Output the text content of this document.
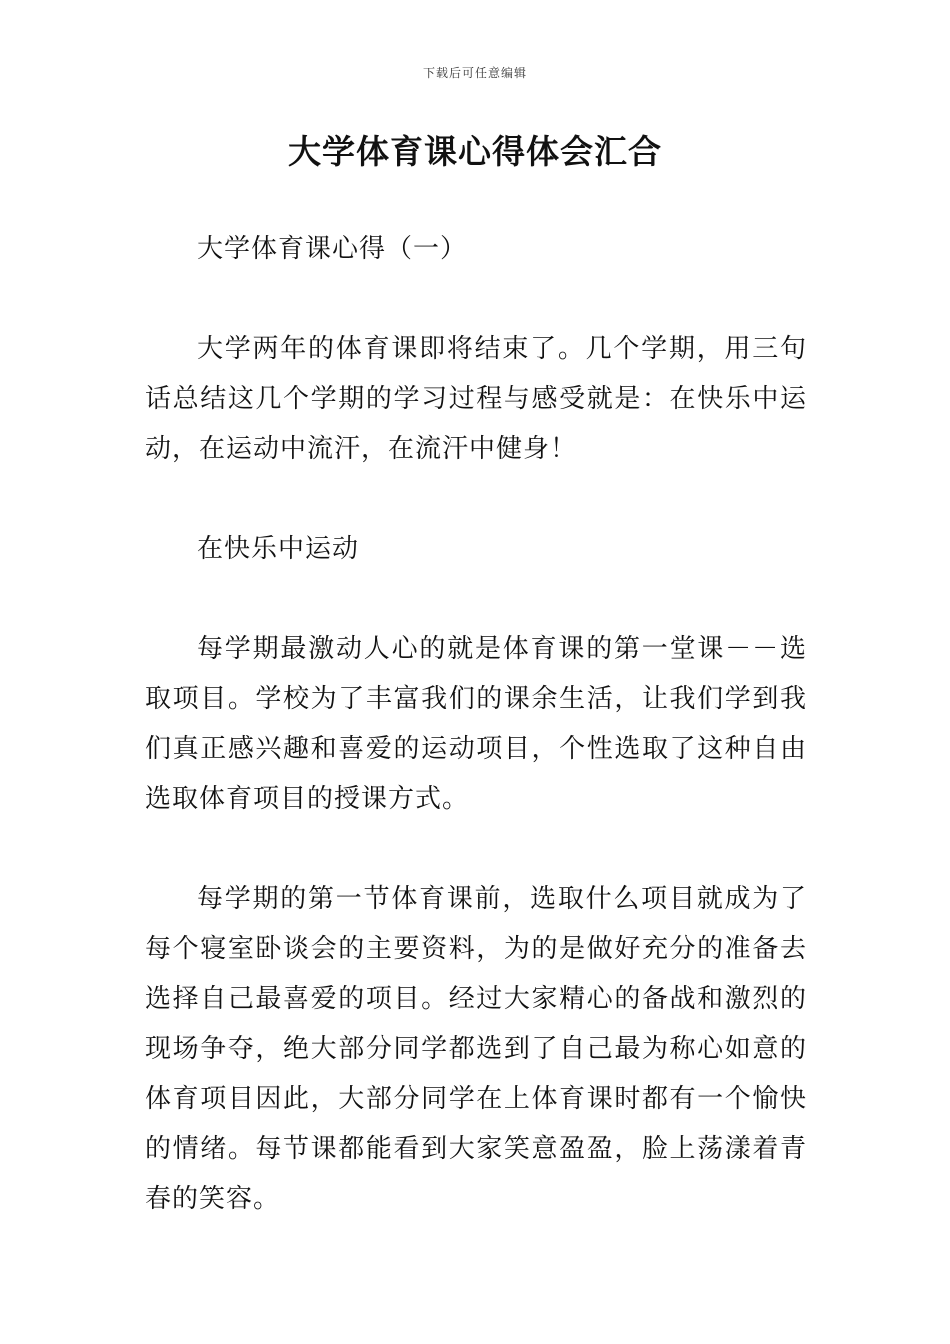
下载后可任意编辑
大学体育课心得体会汇合

大学体育课心得（一）

大学两年的体育课即将结束了。几个学期，用三句话总结这几个学期的学习过程与感受就是：在快乐中运动，在运动中流汗，在流汗中健身！

在快乐中运动

每学期最激动人心的就是体育课的第一堂课－－选取项目。学校为了丰富我们的课余生活，让我们学到我们真正感兴趣和喜爱的运动项目，个性选取了这种自由选取体育项目的授课方式。

每学期的第一节体育课前，选取什么项目就成为了每个寝室卧谈会的主要资料，为的是做好充分的准备去选择自己最喜爱的项目。经过大家精心的备战和激烈的现场争夺，绝大部分同学都选到了自己最为称心如意的体育项目因此，大部分同学在上体育课时都有一个愉快的情绪。每节课都能看到大家笑意盈盈，脸上荡漾着青春的笑容。
